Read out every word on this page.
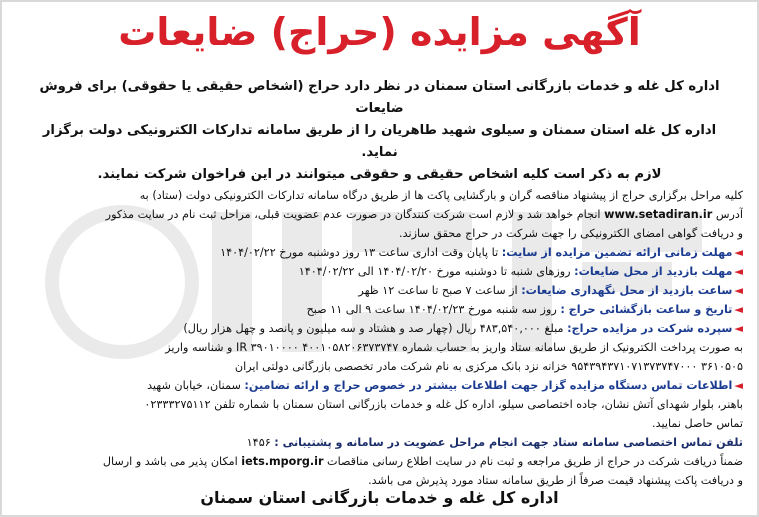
آگهی مزایده (حراج) ضایعات
اداره کل غله و خدمات بازرگانی استان سمنان در نظر دارد حراج (اشخاص حقیقی یا حقوقی) برای فروش ضایعات
اداره کل غله استان سمنان و سیلوی شهید طاهریان را از طریق سامانه تدارکات الکترونیکی دولت برگزار نماید.
لازم به ذکر است کلیه اشخاص حقیقی و حقوقی میتوانند در این فراخوان شرکت نمایند.
کلیه مراحل برگزاری حراج از پیشنهاد مناقصه گران و بارگشایی پاکت ها از طریق درگاه سامانه تدارکات الکترونیکی دولت (ستاد) به
آدرس www.setadiran.ir انجام خواهد شد و لازم است شرکت کنندگان در صورت عدم عضویت قبلی، مراحل ثبت نام در سایت مذکور
و دریافت گواهی امضای الکترونیکی را جهت شرکت در حراج محقق سازند.
◄مهلت زمانی ارائه تضمین مزایده از سایت: تا پایان وقت اداری ساعت ۱۳ روز دوشنبه مورخ ۱۴۰۴/۰۲/۲۲
◄مهلت بازدید از محل ضایعات: روزهای شنبه تا دوشنبه مورخ ۱۴۰۴/۰۲/۲۰ الی ۱۴۰۴/۰۲/۲۲
◄ساعت بازدید از محل نگهداری ضایعات: از ساعت ۷ صبح تا ساعت ۱۲ ظهر
◄تاریخ و ساعت بازگشائی حراج : روز سه شنبه مورخ ۱۴۰۴/۰۲/۲۳ ساعت ۹ الی ۱۱ صبح
◄سپرده شرکت در مزایده حراج: مبلغ ۴۸۳,۵۴۰,۰۰۰ ریال (چهار صد و هشتاد و سه میلیون و پانصد و چهل هزار ریال)
به صورت پرداخت الکترونیک از طریق سامانه ستاد واریز به حساب شماره ۴۰۰۱۰۵۸۲۰۶۳۷۳۷۴۷ IR ۳۹۰۱۰۰۰۰ و شناسه واریز
۳۶۱۰۵۰۵ ۹۵۴۳۹۴۳۷۱۰۷۱۳۷۳۷۴۷۰۰۰ خزانه نزد بانک مرکزی به نام شرکت مادر تخصصی بازرگانی دولتی ایران
◄اطلاعات تماس دستگاه مزایده گزار جهت اطلاعات بیشتر در خصوص حراج و ارائه تضامین: سمنان، خیابان شهید
باهنر، بلوار شهدای آتش نشان، جاده اختصاصی سیلو، اداره کل غله و خدمات بازرگانی استان سمنان با شماره تلفن ۰۲۳۳۳۲۷۵۱۱۲
تماس حاصل نمایید.
تلفن تماس اختصاصی سامانه ستاد جهت انجام مراحل عضویت در سامانه و پشتیبانی : ۱۴۵۶
ضمناً دریافت شرکت در حراج از طریق مراجعه و ثبت نام در سایت اطلاع رسانی مناقصات iets.mporg.ir امکان پذیر می باشد و ارسال
و دریافت پاکت پیشنهاد قیمت صرفاً از طریق سامانه ستاد مورد پذیرش می باشد.
اداره کل غله و خدمات بازرگانی استان سمنان
